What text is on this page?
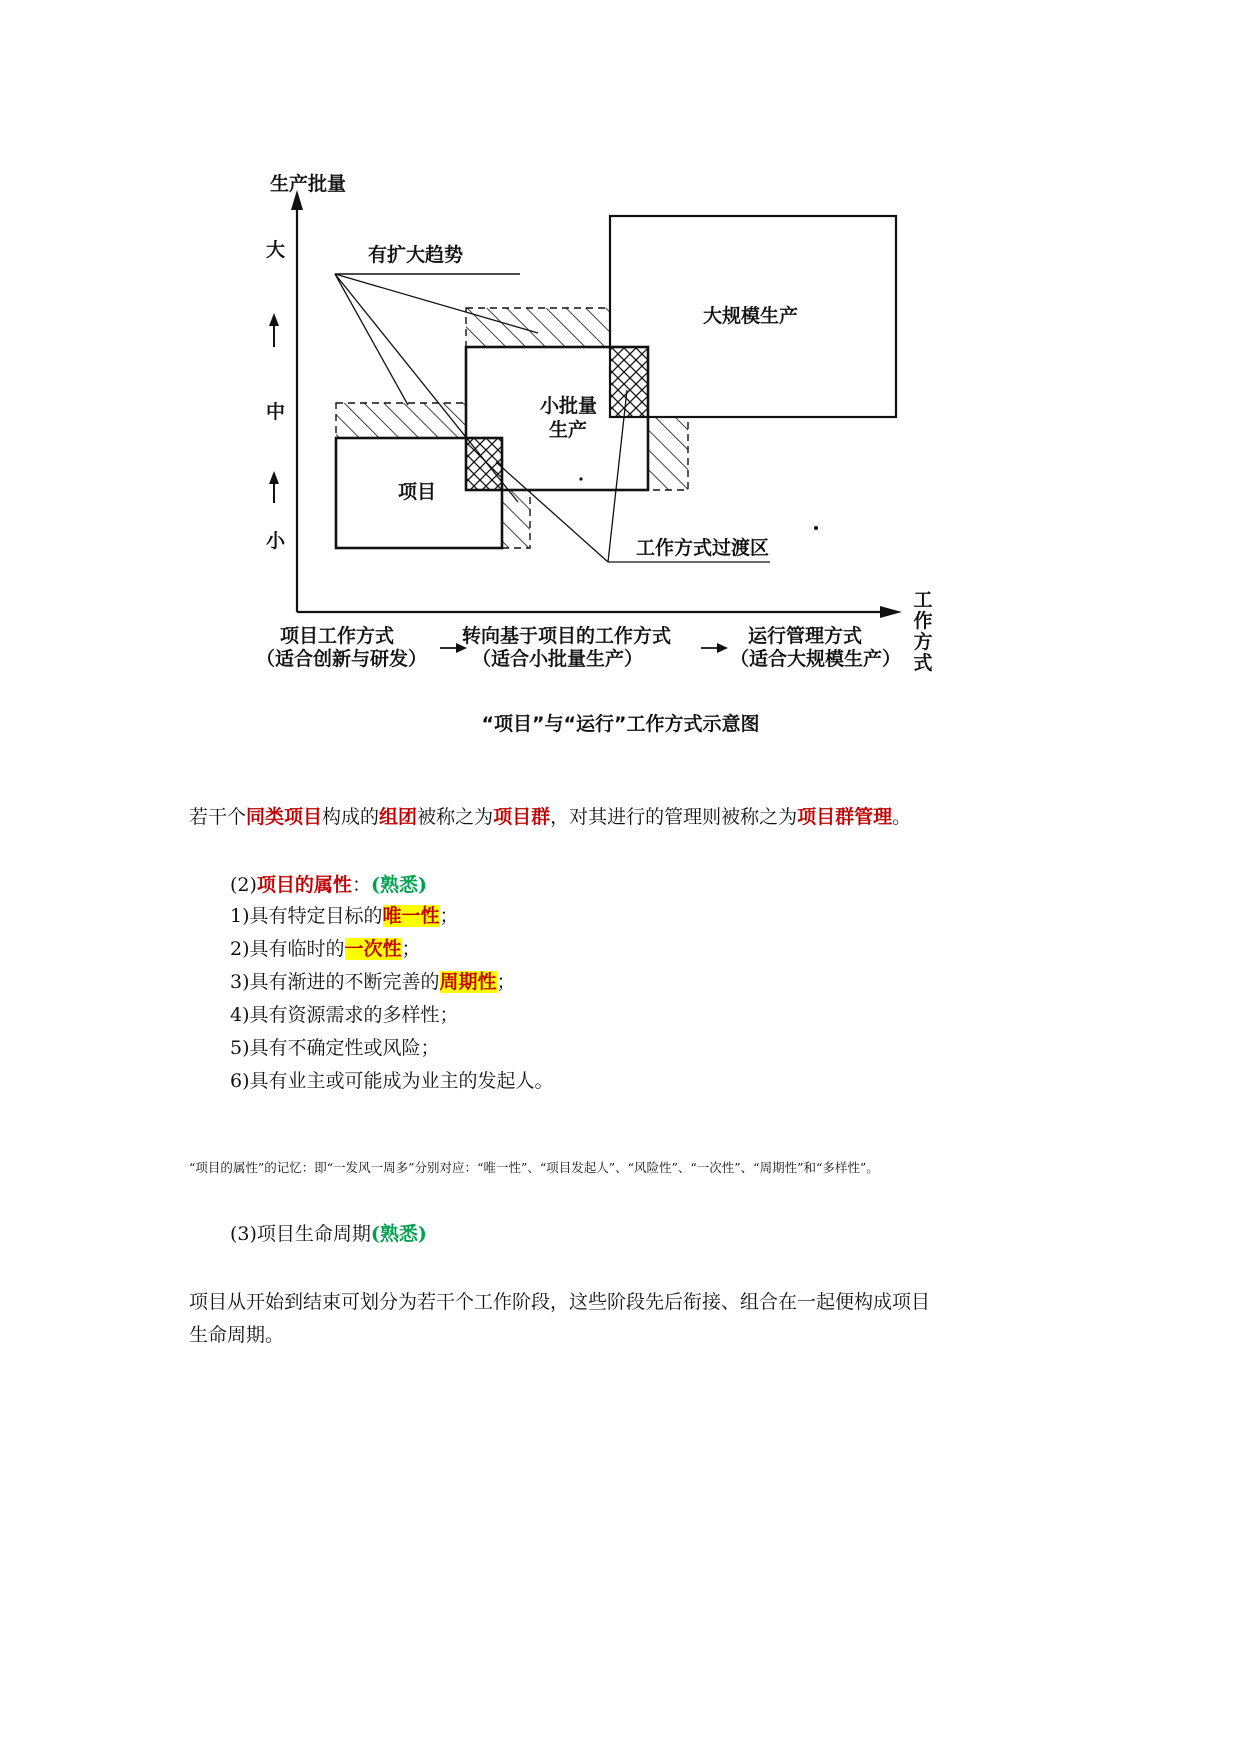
生产批量
大
中
小
有扩大趋势
大规模生产
小批量
生产
项目
工作方式过渡区
工作方式
项目工作方式
（适合创新与研发）
转向基于项目的工作方式
（适合小批量生产）
运行管理方式
（适合大规模生产）
“项目”与“运行”工作方式示意图
若干个同类项目构成的组团被称之为项目群，对其进行的管理则被称之为项目群管理。
(2)项目的属性：(熟悉)
1)具有特定目标的唯一性；
2)具有临时的一次性；
3)具有渐进的不断完善的周期性；
4)具有资源需求的多样性；
5)具有不确定性或风险；
6)具有业主或可能成为业主的发起人。
“项目的属性”的记忆：即“一发风一周多”分别对应：“唯一性”、“项目发起人”、“风险性”、“一次性”、“周期性”和“多样性”。
(3)项目生命周期(熟悉)
项目从开始到结束可划分为若干个工作阶段，这些阶段先后衔接、组合在一起便构成项目
生命周期。
